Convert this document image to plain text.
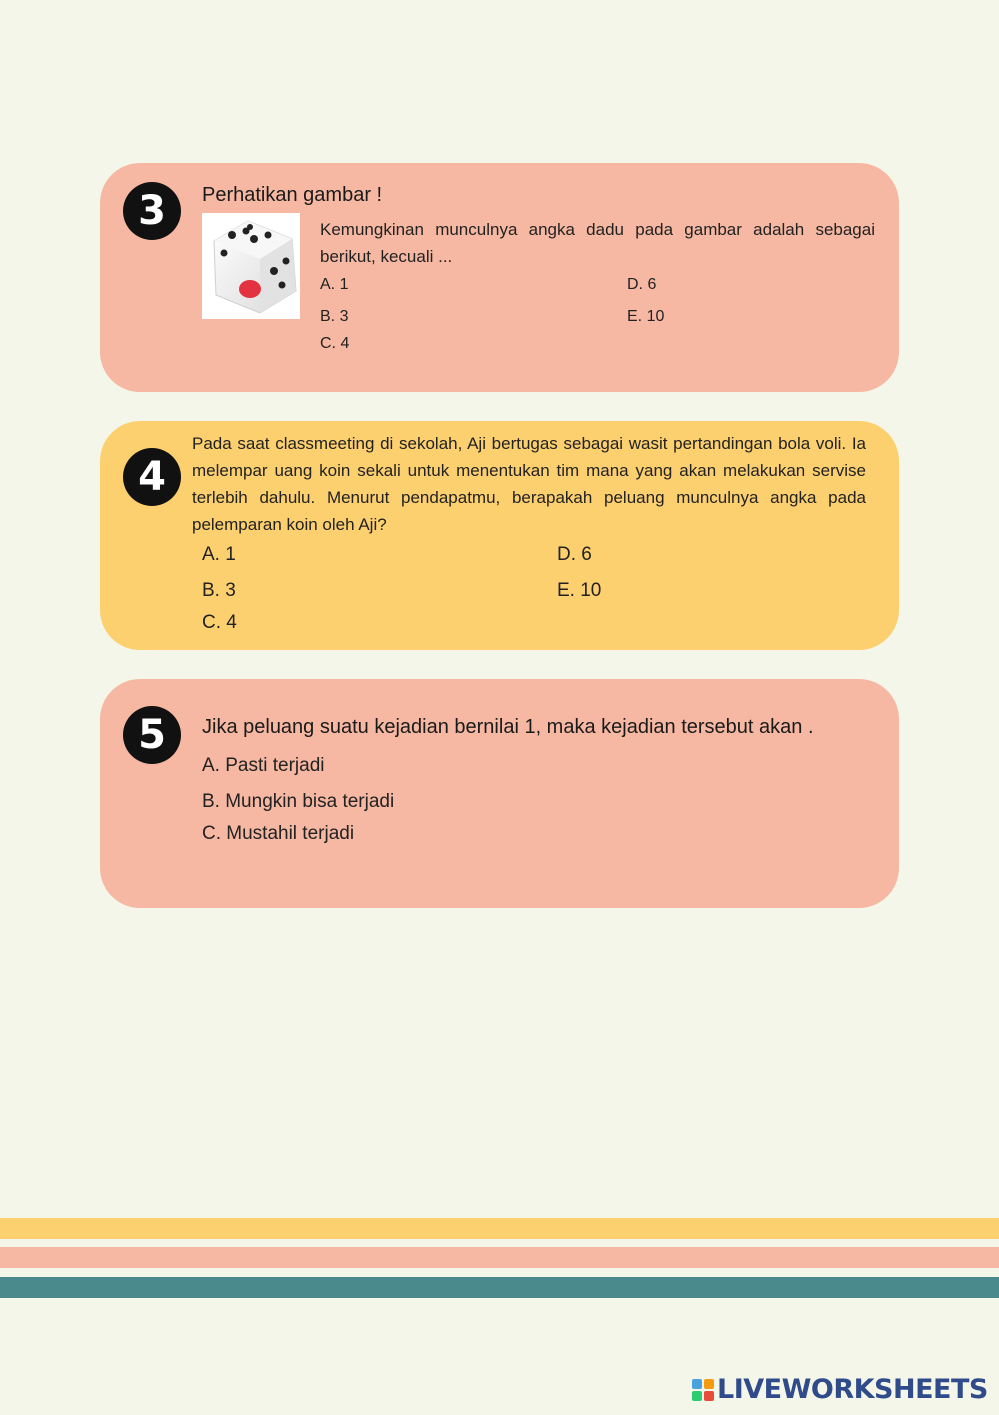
3	Perhatikan gambar !
Kemungkinan munculnya angka dadu pada gambar adalah sebagai berikut, kecuali ...
A. 1
B. 3
C. 4
D. 6
E. 10
4
Pada saat classmeeting di sekolah, Aji bertugas sebagai wasit pertandingan bola voli. Ia melempar uang koin sekali untuk menentukan tim mana yang akan melakukan servise terlebih dahulu. Menurut pendapatmu, berapakah peluang munculnya angka pada pelemparan koin oleh Aji?
A. 1
B. 3
C. 4
D. 6
E. 10
5	Jika peluang suatu kejadian bernilai 1, maka kejadian tersebut akan .
A. Pasti terjadi
B. Mungkin bisa terjadi
C. Mustahil terjadi
LIVEWORKSHEETS
